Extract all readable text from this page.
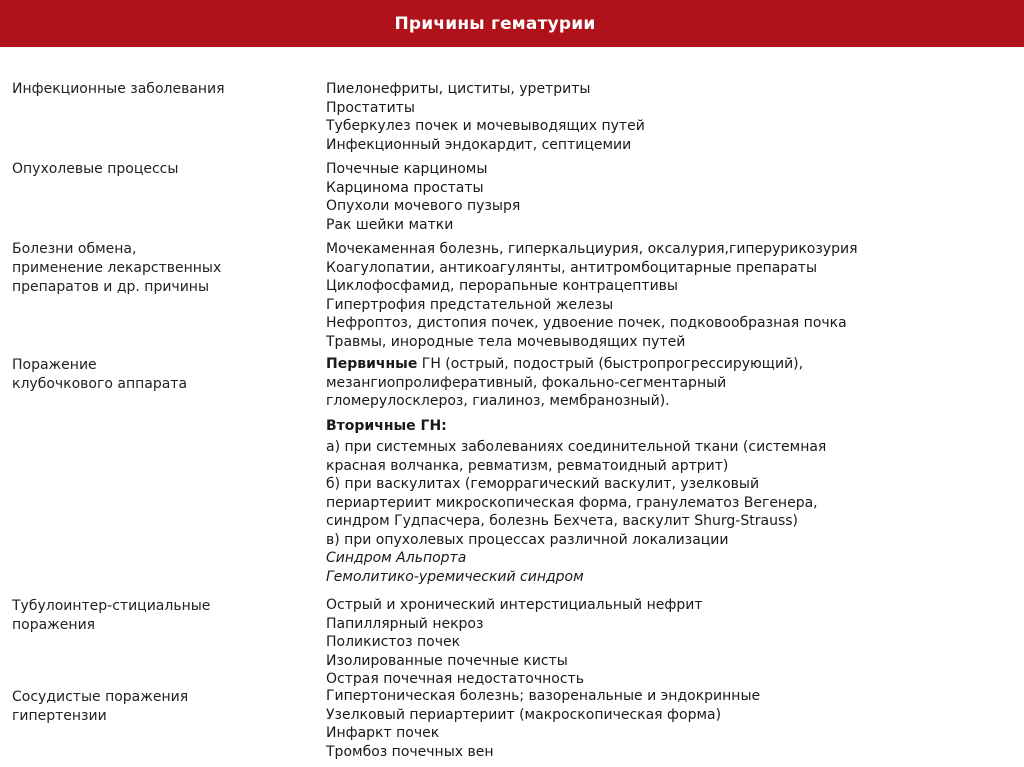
Причины гематурии
Инфекционные заболевания	Пиелонефриты, циститы, уретриты
Простатиты
Туберкулез почек и мочевыводящих путей
Инфекционный эндокардит, септицемии
Опухолевые процессы	Почечные карциномы
Карцинома простаты
Опухоли мочевого пузыря
Рак шейки матки
Болезни обмена,
применение лекарственных
препаратов и др. причины
Мочекаменная болезнь, гиперкальциурия, оксалурия,гиперурикозурия
Коагулопатии, антикоагулянты, антитромбоцитарные препараты
Циклофосфамид, перорапьные контрацептивы
Гипертрофия предстательной железы
Нефроптоз, дистопия почек, удвоение почек, подковообразная почка
Травмы, инородные тела мочевыводящих путей
Поражение
клубочкового аппарата
Первичные ГН (острый, подострый (быстропрогрессирующий),
мезангиопролиферативный, фокально-сегментарный
гломерулосклероз, гиалиноз, мембранозный).
Вторичные ГН:
а) при системных заболеваниях соединительной ткани (системная
красная волчанка, ревматизм, ревматоидный артрит)
б) при васкулитах (геморрагический васкулит, узелковый
периартериит микроскопическая форма, гранулематоз Вегенера,
синдром Гудпасчера, болезнь Бехчета, васкулит Shurg-Strauss)
в) при опухолевых процессах различной локализации
Синдром Альпорта
Гемолитико-уремический синдром
Тубулоинтер-стициальные
поражения
Острый и хронический интерстициальный нефрит
Папиллярный некроз
Поликистоз почек
Изолированные почечные кисты
Острая почечная недостаточность
Сосудистые поражения
гипертензии
Гипертоническая болезнь; вазоренальные и эндокринные
Узелковый периартериит (макроскопическая форма)
Инфаркт почек
Тромбоз почечных вен
